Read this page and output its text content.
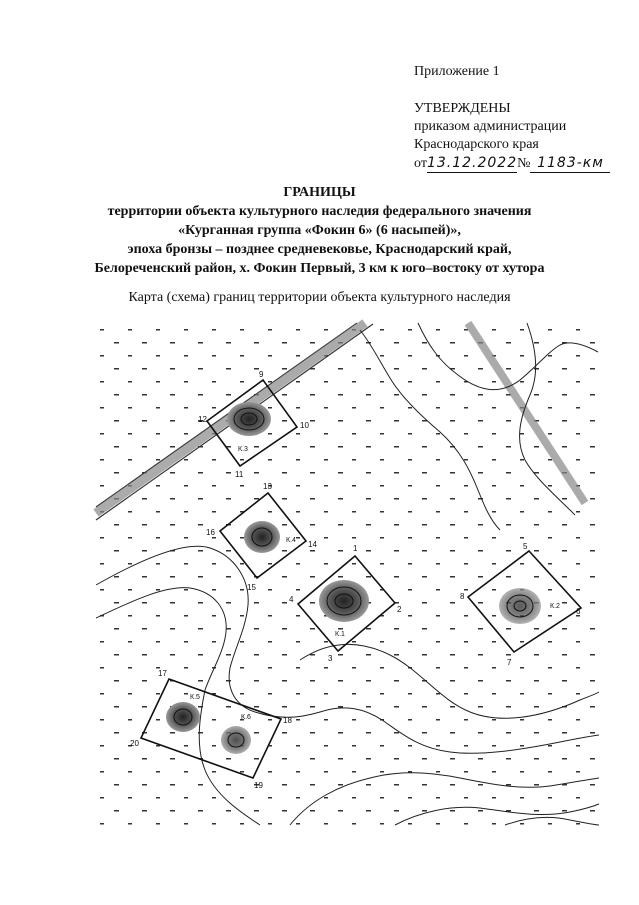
Приложение 1
УТВЕРЖДЕНЫ
приказом администрации
Краснодарского края
от13.12.2022№ 1183-км
ГРАНИЦЫ
территории объекта культурного наследия федерального значения
«Курганная группа «Фокин 6» (6 насыпей)»,
эпоха бронзы – позднее средневековье, Краснодарский край,
Белореченский район, х. Фокин Первый, 3 км к юго–востоку от хутора
Карта (схема) границ территории объекта культурного наследия
К.1
К.2
К.3
К.4
К.5
К.6
1
2
3
4
5
6
7
8
9
10
11
12
13
14
15
16
17
18
19
20
